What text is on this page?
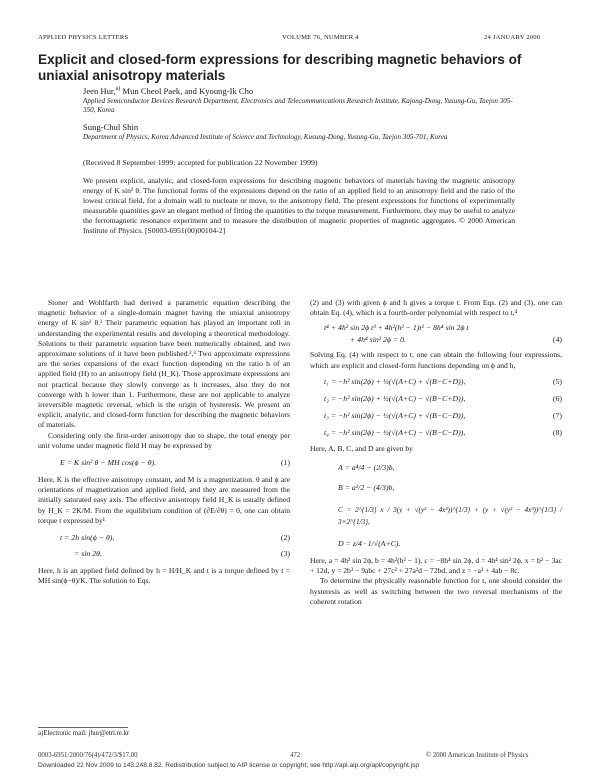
APPLIED PHYSICS LETTERS	VOLUME 76, NUMBER 4	24 JANUARY 2000
Explicit and closed-form expressions for describing magnetic behaviors of uniaxial anisotropy materials
Jeen Hur,$^{a)}$ Mun Cheol Paek, and Kyoung-Ik Cho
Applied Semiconductor Devices Research Department, Electronics and Telecommunications Research Institute, Kajong-Dong, Yusung-Gu, Taejon 305-350, Korea
Sung-Chul Shin
Department of Physics, Korea Advanced Institute of Science and Technology, Kusung-Dong, Yusung-Gu, Taejon 305-701, Korea
(Received 8 September 1999; accepted for publication 22 November 1999)
We present explicit, analytic, and closed-form expressions for describing magnetic behaviors of materials having the magnetic anisotropy energy of K sin² θ. The functional forms of the expressions depend on the ratio of an applied field to an anisotropy field and the ratio of the lowest critical field, for a domain wall to nucleate or move, to the anisotropy field. The present expressions for functions of experimentally measurable quantities gave an elegant method of fitting the quantities to the torque measurement. Furthermore, they may be useful to analyze the ferromagnetic resonance experiment and to measure the distribution of magnetic properties of magnetic aggregates. © 2000 American Institute of Physics. [S0003-6951(00)00104-2]

Stoner and Wohlfarth had derived a parametric equation describing the magnetic behavior of a single-domain magnet having the uniaxial anisotropy energy of K sin² θ.¹ Their parametric equation has played an important roll in understanding the experimental results and developing a theoretical methodology. Solutions to their parametric equation have been numerically obtained, and two approximate solutions of it have been published.²,³ Two approximate expressions are the series expansions of the exact function depending on the ratio h of an applied field (H) to an anisotropy field (H_K). Those approximate expressions are not practical because they slowly converge as h increases, also they do not converge with h lower than 1. Furthermore, these are not applicable to analyze irreversible magnetic reversal, which is the origin of hysteresis. We present an explicit, analytic, and closed-form function for describing the magnetic behaviors of materials.

Considering only the first-order anisotropy due to shape, the total energy per unit volume under magnetic field H may be expressed by

E = K sin² θ − MH cos(ϕ − θ).	(1)

Here, K is the effective anisotropy constant, and M is a magnetization. θ and ϕ are orientations of magnetization and applied field, and they are measured from the initially saturated easy axis. The effective anisotropy field H_K is usually defined by H_K = 2K/M. From the equilibrium condition of (∂E/∂θ) = 0, one can obtain torque t expressed by¹

t = 2h sin(ϕ − θ),	(2)
= sin 2θ.	(3)

Here, h is an applied field defined by h = H/H_K and t is a torque defined by t = MH sin(ϕ−θ)/K. The solution to Eqs.

a)Electronic mail: jhur@etri.re.kr

(2) and (3) with given ϕ and h gives a torque t. From Eqs. (2) and (3), one can obtain Eq. (4), which is a fourth-order polynomial with respect to t,⁴

t⁴ + 4h² sin 2ϕ t³ + 4h²(h² − 1)t² − 8h⁴ sin 2ϕ t
+ 4h⁴ sin² 2ϕ = 0.	(4)

Solving Eq. (4) with respect to t, one can obtain the following four expressions, which are explicit and closed-form functions depending on ϕ and h,

t₁ = −h² sin(2ϕ) + ½(√(A+C) + √(B−C+D)),	(5)
t₂ = −h² sin(2ϕ) + ½(√(A+C) − √(B−C+D)),	(6)
t₃ = −h² sin(2ϕ) − ½(√(A+C) + √(B−C−D)),	(7)
t₄ = −h² sin(2ϕ) − ½(√(A+C) − √(B−C−D)),	(8)

Here, A, B, C, and D are given by

A = a⁴/4 − (2/3)b,
B = a²/2 − (4/3)b,
C = 2^{1/3} x / 3(y + √(y² − 4x³))^{1/3} + (y + √(y² − 4x³))^{1/3} / 3×2^{1/3},
D = z/4 · 1/√(A+C).

Here, a = 4h² sin 2ϕ, b = 4h²(h² − 1), c = −8h⁴ sin 2ϕ, d = 4h⁴ sin² 2ϕ, x = b² − 3ac + 12d, y = 2b³ − 9abc + 27c² + 27a²d − 72bd, and z = −a³ + 4ab − 8c.

To determine the physically reasonable function for t, one should consider the hysteresis as well as switching between the two reversal mechanisms of the coherent rotation

0003-6951/2000/76(4)/472/3/$17.00	472	© 2000 American Institute of Physics
Downloaded 22 Nov 2009 to 143.248.8.82. Redistribution subject to AIP license or copyright; see http://apl.aip.org/apl/copyright.jsp
